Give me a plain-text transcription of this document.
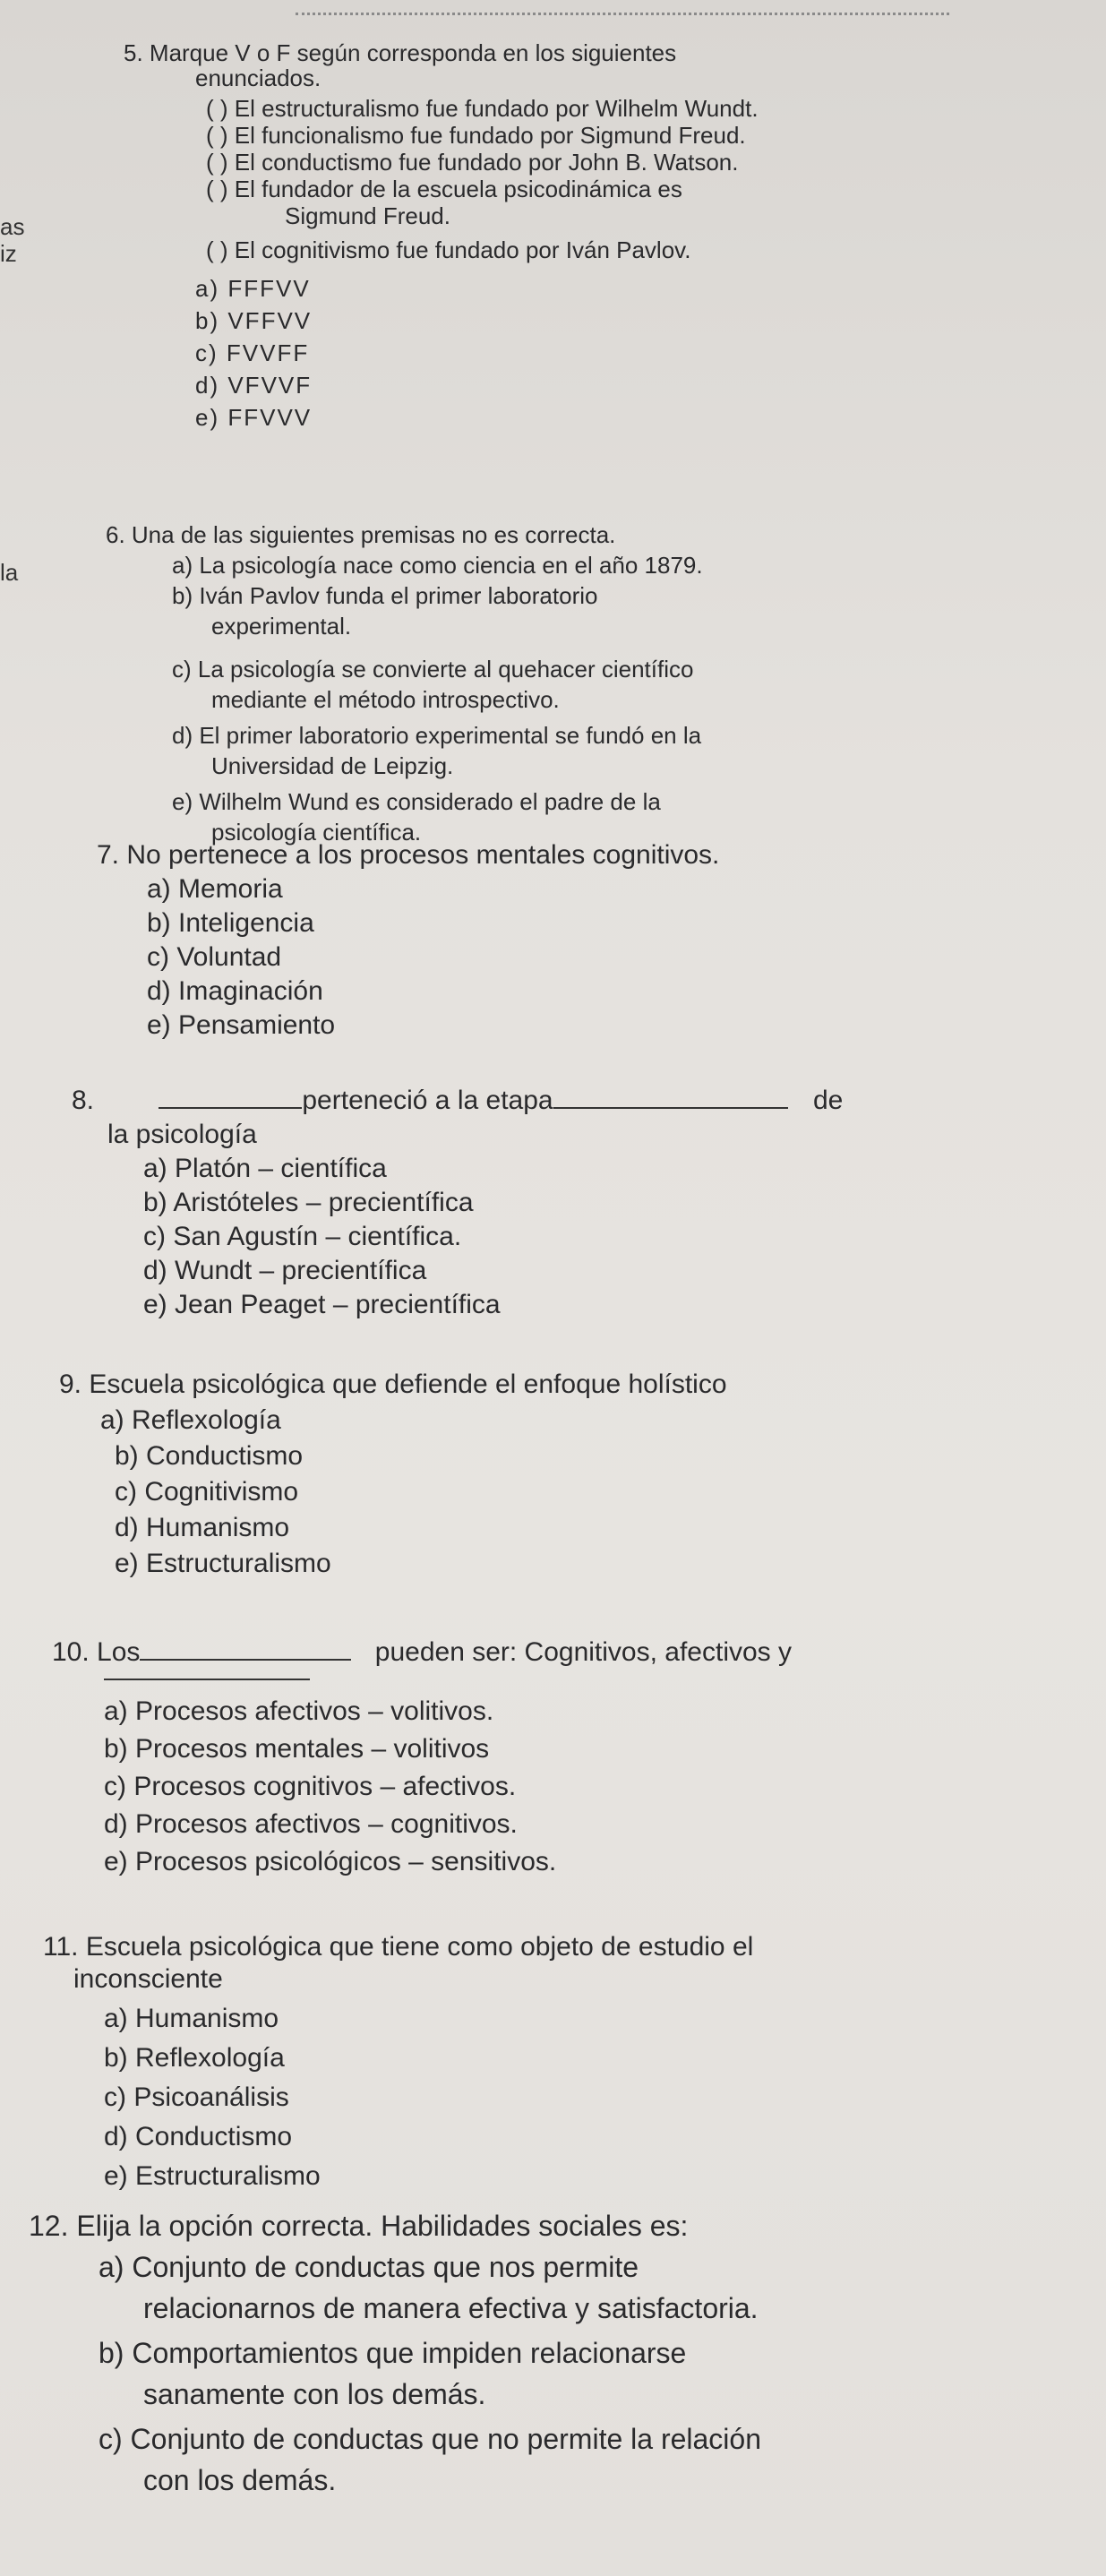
as
iz
la
5. Marque V o F según corresponda en los siguientes
enunciados.
( ) El estructuralismo fue fundado por Wilhelm Wundt.
( ) El funcionalismo fue fundado por Sigmund Freud.
( ) El conductismo fue fundado por John B. Watson.
( ) El fundador de la escuela psicodinámica es
Sigmund Freud.
( ) El cognitivismo fue fundado por Iván Pavlov.
a) FFFVV
b) VFFVV
c) FVVFF
d) VFVVF
e) FFVVV
6. Una de las siguientes premisas no es correcta.
a) La psicología nace como ciencia en el año 1879.
b) Iván Pavlov funda el primer laboratorio
experimental.
c) La psicología se convierte al quehacer científico
mediante el método introspectivo.
d) El primer laboratorio experimental se fundó en la
Universidad de Leipzig.
e) Wilhelm Wund es considerado el padre de la
psicología científica.
7. No pertenece a los procesos mentales cognitivos.
a) Memoria
b) Inteligencia
c) Voluntad
d) Imaginación
e) Pensamiento
8.	perteneció a la etapa	de
la psicología
a) Platón – científica
b) Aristóteles – precientífica
c) San Agustín – científica.
d) Wundt – precientífica
e) Jean Peaget – precientífica
9. Escuela psicológica que defiende el enfoque holístico
a) Reflexología
b) Conductismo
c) Cognitivismo
d) Humanismo
e) Estructuralismo
10. Los	pueden ser: Cognitivos, afectivos y
a) Procesos afectivos – volitivos.
b) Procesos mentales – volitivos
c) Procesos cognitivos – afectivos.
d) Procesos afectivos – cognitivos.
e) Procesos psicológicos – sensitivos.
11. Escuela psicológica que tiene como objeto de estudio el
inconsciente
a) Humanismo
b) Reflexología
c) Psicoanálisis
d) Conductismo
e) Estructuralismo
12. Elija la opción correcta. Habilidades sociales es:
a) Conjunto de conductas que nos permite
relacionarnos de manera efectiva y satisfactoria.
b) Comportamientos que impiden relacionarse
sanamente con los demás.
c) Conjunto de conductas que no permite la relación
con los demás.
